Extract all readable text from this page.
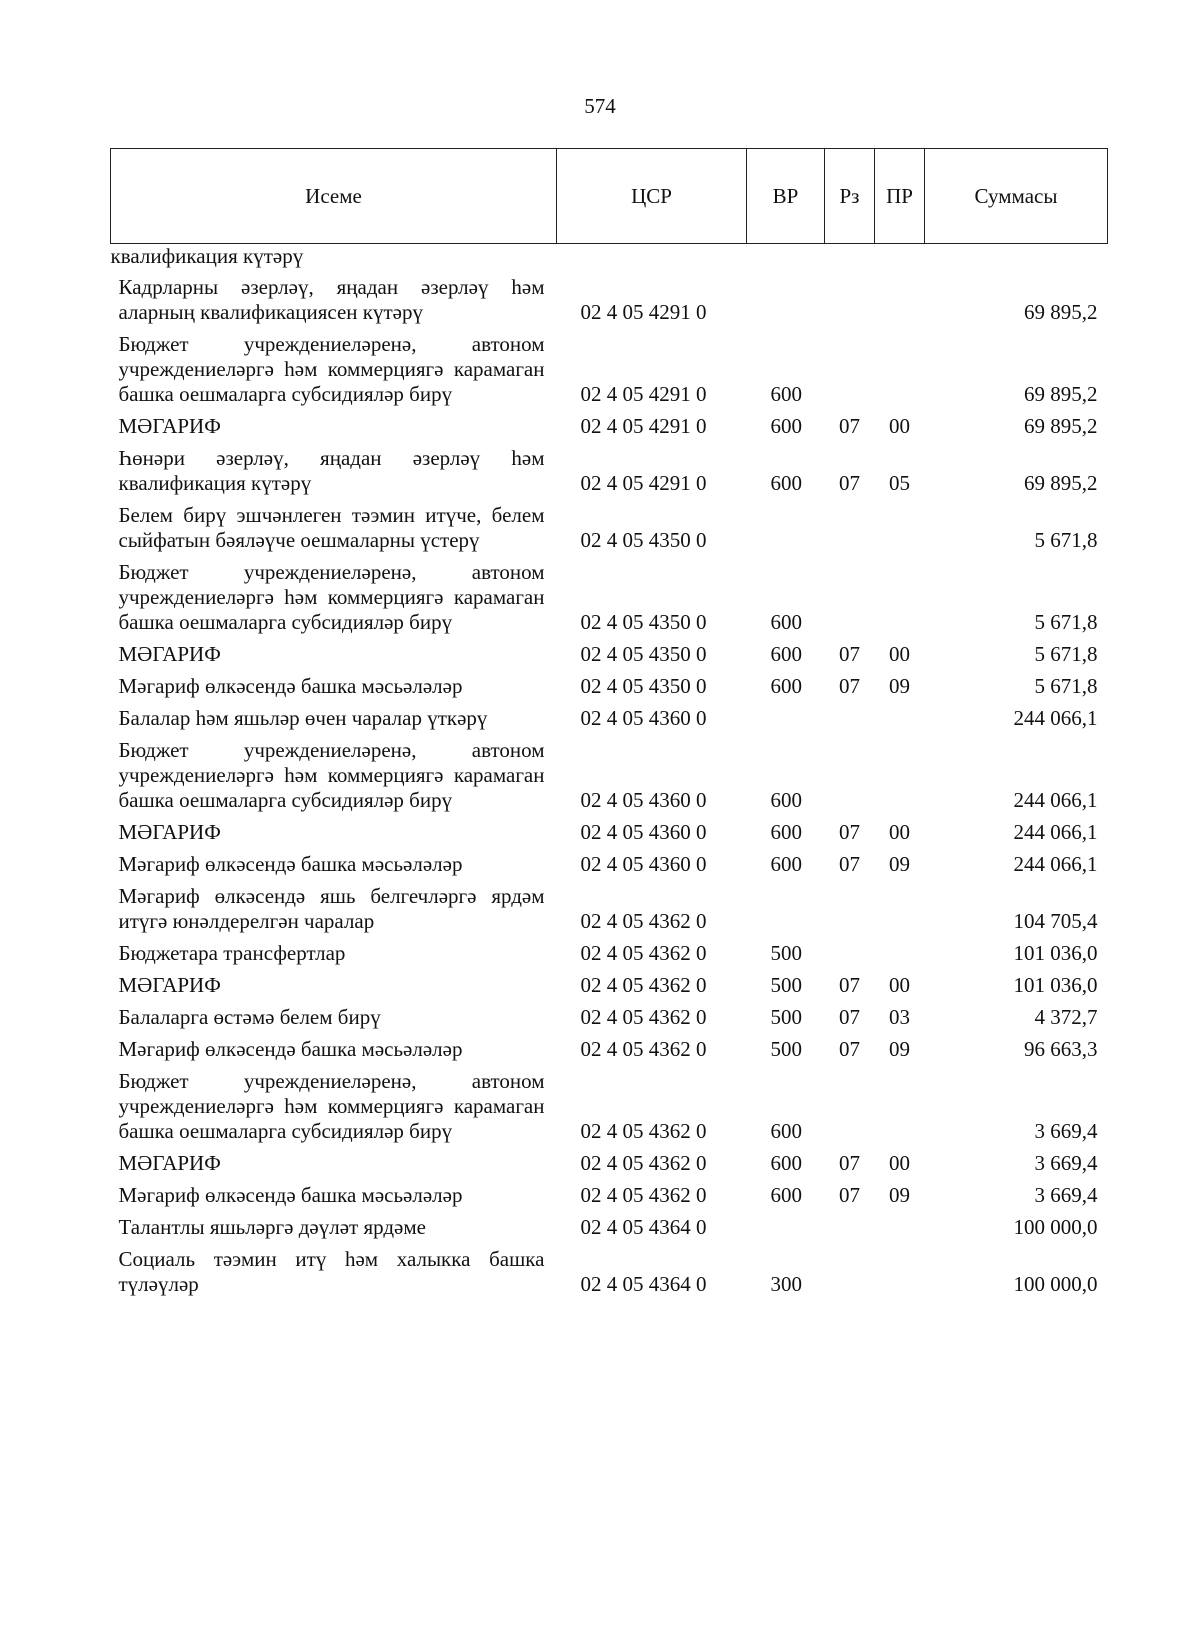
574
Исеме	ЦСР	ВР	Рз	ПР	Суммасы
квалификация күтәрү					
Кадрларны әзерләү, яңадан әзерләү һәм аларның квалификациясен күтәрү	02 4 05 4291 0				69 895,2
Бюджет учреждениеләренә, автоном учреждениеләргә һәм коммерциягә карамаган башка оешмаларга субсидияләр бирү	02 4 05 4291 0	600			69 895,2
МӘГАРИФ	02 4 05 4291 0	600	07	00	69 895,2
Һөнәри әзерләү, яңадан әзерләү һәм квалификация күтәрү	02 4 05 4291 0	600	07	05	69 895,2
Белем бирү эшчәнлеген тәэмин итүче, белем сыйфатын бәяләүче оешмаларны үстерү	02 4 05 4350 0				5 671,8
Бюджет учреждениеләренә, автоном учреждениеләргә һәм коммерциягә карамаган башка оешмаларга субсидияләр бирү	02 4 05 4350 0	600			5 671,8
МӘГАРИФ	02 4 05 4350 0	600	07	00	5 671,8
Мәгариф өлкәсендә башка мәсьәләләр	02 4 05 4350 0	600	07	09	5 671,8
Балалар һәм яшьләр өчен чаралар үткәрү	02 4 05 4360 0				244 066,1
Бюджет учреждениеләренә, автоном учреждениеләргә һәм коммерциягә карамаган башка оешмаларга субсидияләр бирү	02 4 05 4360 0	600			244 066,1
МӘГАРИФ	02 4 05 4360 0	600	07	00	244 066,1
Мәгариф өлкәсендә башка мәсьәләләр	02 4 05 4360 0	600	07	09	244 066,1
Мәгариф өлкәсендә яшь белгечләргә ярдәм итүгә юнәлдерелгән чаралар	02 4 05 4362 0				104 705,4
Бюджетара трансфертлар	02 4 05 4362 0	500			101 036,0
МӘГАРИФ	02 4 05 4362 0	500	07	00	101 036,0
Балаларга өстәмә белем бирү	02 4 05 4362 0	500	07	03	4 372,7
Мәгариф өлкәсендә башка мәсьәләләр	02 4 05 4362 0	500	07	09	96 663,3
Бюджет учреждениеләренә, автоном учреждениеләргә һәм коммерциягә карамаган башка оешмаларга субсидияләр бирү	02 4 05 4362 0	600			3 669,4
МӘГАРИФ	02 4 05 4362 0	600	07	00	3 669,4
Мәгариф өлкәсендә башка мәсьәләләр	02 4 05 4362 0	600	07	09	3 669,4
Талантлы яшьләргә дәүләт ярдәме	02 4 05 4364 0				100 000,0
Социаль тәэмин итү һәм халыкка башка түләүләр	02 4 05 4364 0	300			100 000,0
